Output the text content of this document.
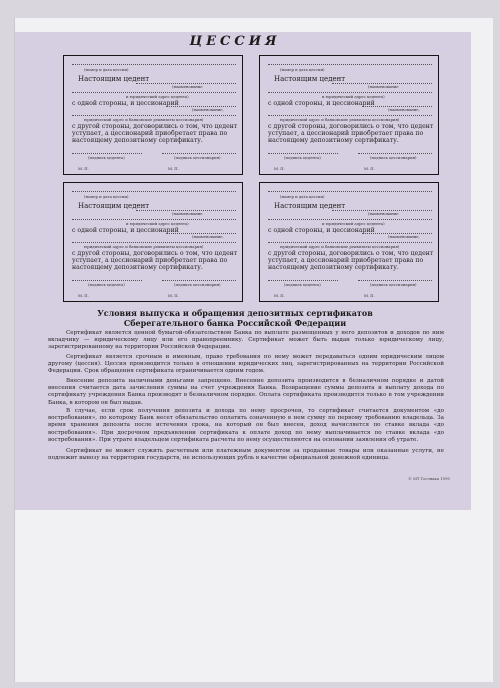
ЦЕССИЯ
(номер и дата цессии)
Настоящим цедент
(наименование
и юридический адрес цедента)
с одной стороны, и цессионарий
(наименование,
юридический адрес и банковские реквизиты цессионария)
с другой стороны, договорились о том, что цедент
уступает, а цессионарий приобретает права по
настоящему депозитному сертификату.
(подпись цедента)	(подпись цессионария)
М. П.	М. П.
(номер и дата цессии)
Настоящим цедент
(наименование
и юридический адрес цедента)
с одной стороны, и цессионарий
(наименование,
юридический адрес и банковские реквизиты цессионария)
с другой стороны, договорились о том, что цедент
уступает, а цессионарий приобретает права по
настоящему депозитному сертификату.
(подпись цедента)	(подпись цессионария)
М. П.	М. П.
(номер и дата цессии)
Настоящим цедент
(наименование
и юридический адрес цедента)
с одной стороны, и цессионарий
(наименование,
юридический адрес и банковские реквизиты цессионария)
с другой стороны, договорились о том, что цедент
уступает, а цессионарий приобретает права по
настоящему депозитному сертификату.
(подпись цедента)	(подпись цессионария)
М. П.	М. П.
(номер и дата цессии)
Настоящим цедент
(наименование
и юридический адрес цедента)
с одной стороны, и цессионарий
(наименование,
юридический адрес и банковские реквизиты цессионария)
с другой стороны, договорились о том, что цедент
уступает, а цессионарий приобретает права по
настоящему депозитному сертификату.
(подпись цедента)	(подпись цессионария)
М. П.	М. П.
Условия выпуска и обращения депозитных сертификатов
Сберегательного банка Российской Федерации
Сертификат является ценной бумагой-обязательством Банка по выплате размещенных у него депозитов и доходов по ним вкладчику — юридическому лицу или его правопреемнику. Сертификат может быть выдан только юридическому лицу, зарегистрированному на территории Российской Федерации.
Сертификат является срочным и именным, право требования по нему может передаваться одним юридическим лицом другому (цессия). Цессия производится только в отношении юридических лиц, зарегистрированных на территории Российской Федерации. Срок обращения сертификата ограничивается одним годом.
Внесение депозита наличными деньгами запрещено. Внесение депозита производится в безналичном порядке и датой внесения считается дата зачисления суммы на счет учреждения Банка. Возвращение суммы депозита и выплату дохода по сертификату учреждения Банка производят в безналичном порядке. Оплата сертификата производится только в том учреждении Банка, в котором он был выдан.
В случае, если срок получения депозита и дохода по нему просрочен, то сертификат считается документом «до востребования», по которому Банк несет обязательство оплатить означенную в нем сумму по первому требованию владельца. За время хранения депозита после истечения срока, на который он был внесен, доход начисляется по ставке вклада «до востребования». При досрочном предъявлении сертификата к оплате доход по нему выплачивается по ставке вклада «до востребования». При утрате владельцем сертификата расчеты по нему осуществляются на основании заявления об утрате.
Сертификат не может служить расчетным или платежным документом за проданные товары или оказанные услуги, не подлежит вывозу на территории государств, не использующих рубль в качестве официальной денежной единицы.
© МТ Госзнака 1995
